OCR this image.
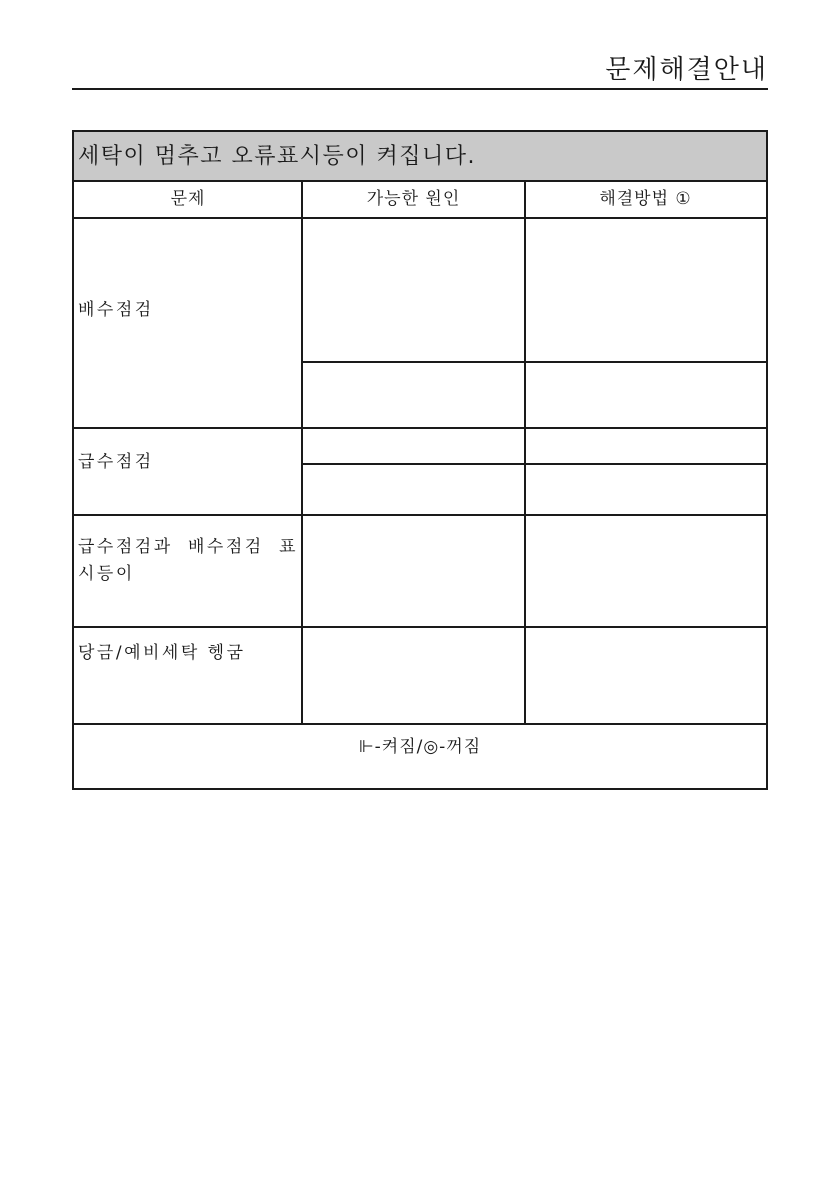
문제해결안내
세탁이 멈추고 오류표시등이 켜집니다.
문제	가능한 원인	해결방법 ①
배수점검
급수점검
급수점검과 배수점검 표시등이
당금/예비세탁 헹굼
⊩-켜짐/◎-꺼짐
